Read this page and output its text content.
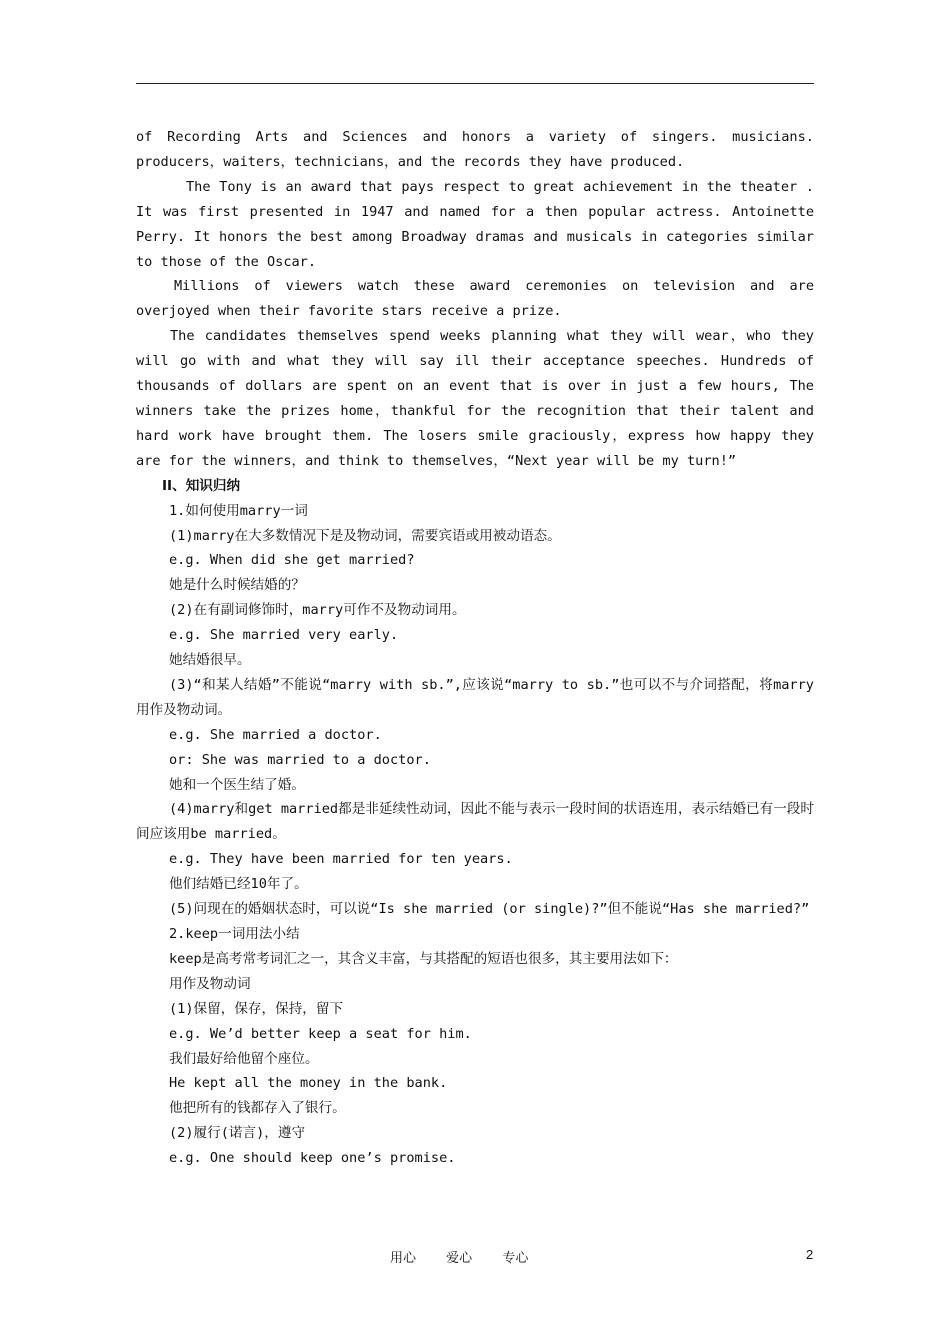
of Recording Arts and Sciences and honors a variety of singers. musicians. producers，waiters，technicians，and the records they have produced.

The Tony is an award that pays respect to great achievement in the theater . It was first presented in 1947 and named for a then popular actress. Antoinette Perry. It honors the best among Broadway dramas and musicals in categories similar to those of the Oscar.

Millions of viewers watch these award ceremonies on television and are overjoyed when their favorite stars receive a prize.

The candidates themselves spend weeks planning what they will wear，who they will go with and what they will say ill their acceptance speeches. Hundreds of thousands of dollars are spent on an event that is over in just a few hours, The winners take the prizes home，thankful for the recognition that their talent and hard work have brought them. The losers smile graciously，express how happy they are for the winners，and think to themselves，“Next year will be my turn!”

II、知识归纳
1.如何使用marry一词
(1)marry在大多数情况下是及物动词，需要宾语或用被动语态。
e.g. When did she get married?
她是什么时候结婚的？
(2)在有副词修饰时，marry可作不及物动词用。
e.g. She married very early.
她结婚很早。

(3)“和某人结婚”不能说“marry with sb.”,应该说“marry to sb.”也可以不与介词搭配，将marry用作及物动词。

e.g. She married a doctor.
or: She was married to a doctor.
她和一个医生结了婚。

(4)marry和get married都是非延续性动词，因此不能与表示一段时间的状语连用，表示结婚已有一段时间应该用be married。

e.g. They have been married for ten years.
他们结婚已经10年了。

(5)问现在的婚姻状态时，可以说“Is she married (or single)?”但不能说“Has she married?”

2.keep一词用法小结
keep是高考常考词汇之一，其含义丰富，与其搭配的短语也很多，其主要用法如下：
用作及物动词
(1)保留，保存，保持，留下
e.g. We’d better keep a seat for him.
我们最好给他留个座位。
He kept all the money in the bank.
他把所有的钱都存入了银行。
(2)履行(诺言)，遵守
e.g. One should keep one’s promise.
用心 爱心 专心	2
